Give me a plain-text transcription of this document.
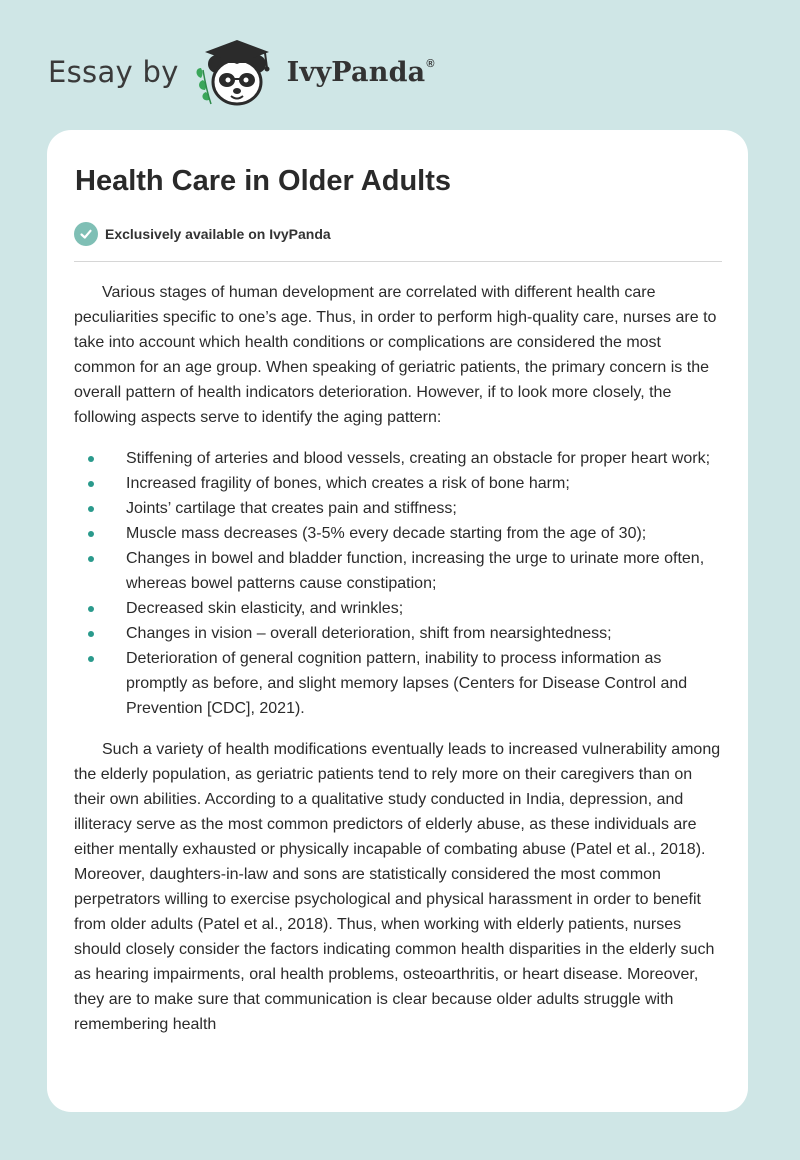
Essay by	IvyPanda®
Health Care in Older Adults
Exclusively available on IvyPanda

Various stages of human development are correlated with different health care peculiarities specific to one’s age. Thus, in order to perform high-quality care, nurses are to take into account which health conditions or complications are considered the most common for an age group. When speaking of geriatric patients, the primary concern is the overall pattern of health indicators deterioration. However, if to look more closely, the following aspects serve to identify the aging pattern:

Stiffening of arteries and blood vessels, creating an obstacle for proper heart work;
Increased fragility of bones, which creates a risk of bone harm;
Joints’ cartilage that creates pain and stiffness;
Muscle mass decreases (3-5% every decade starting from the age of 30);
Changes in bowel and bladder function, increasing the urge to urinate more often, whereas bowel patterns cause constipation;
Decreased skin elasticity, and wrinkles;
Changes in vision – overall deterioration, shift from nearsightedness;
Deterioration of general cognition pattern, inability to process information as promptly as before, and slight memory lapses (Centers for Disease Control and Prevention [CDC], 2021).

Such a variety of health modifications eventually leads to increased vulnerability among the elderly population, as geriatric patients tend to rely more on their caregivers than on their own abilities. According to a qualitative study conducted in India, depression, and illiteracy serve as the most common predictors of elderly abuse, as these individuals are either mentally exhausted or physically incapable of combating abuse (Patel et al., 2018). Moreover, daughters-in-law and sons are statistically considered the most common perpetrators willing to exercise psychological and physical harassment in order to benefit from older adults (Patel et al., 2018). Thus, when working with elderly patients, nurses should closely consider the factors indicating common health disparities in the elderly such as hearing impairments, oral health problems, osteoarthritis, or heart disease. Moreover, they are to make sure that communication is clear because older adults struggle with remembering health
